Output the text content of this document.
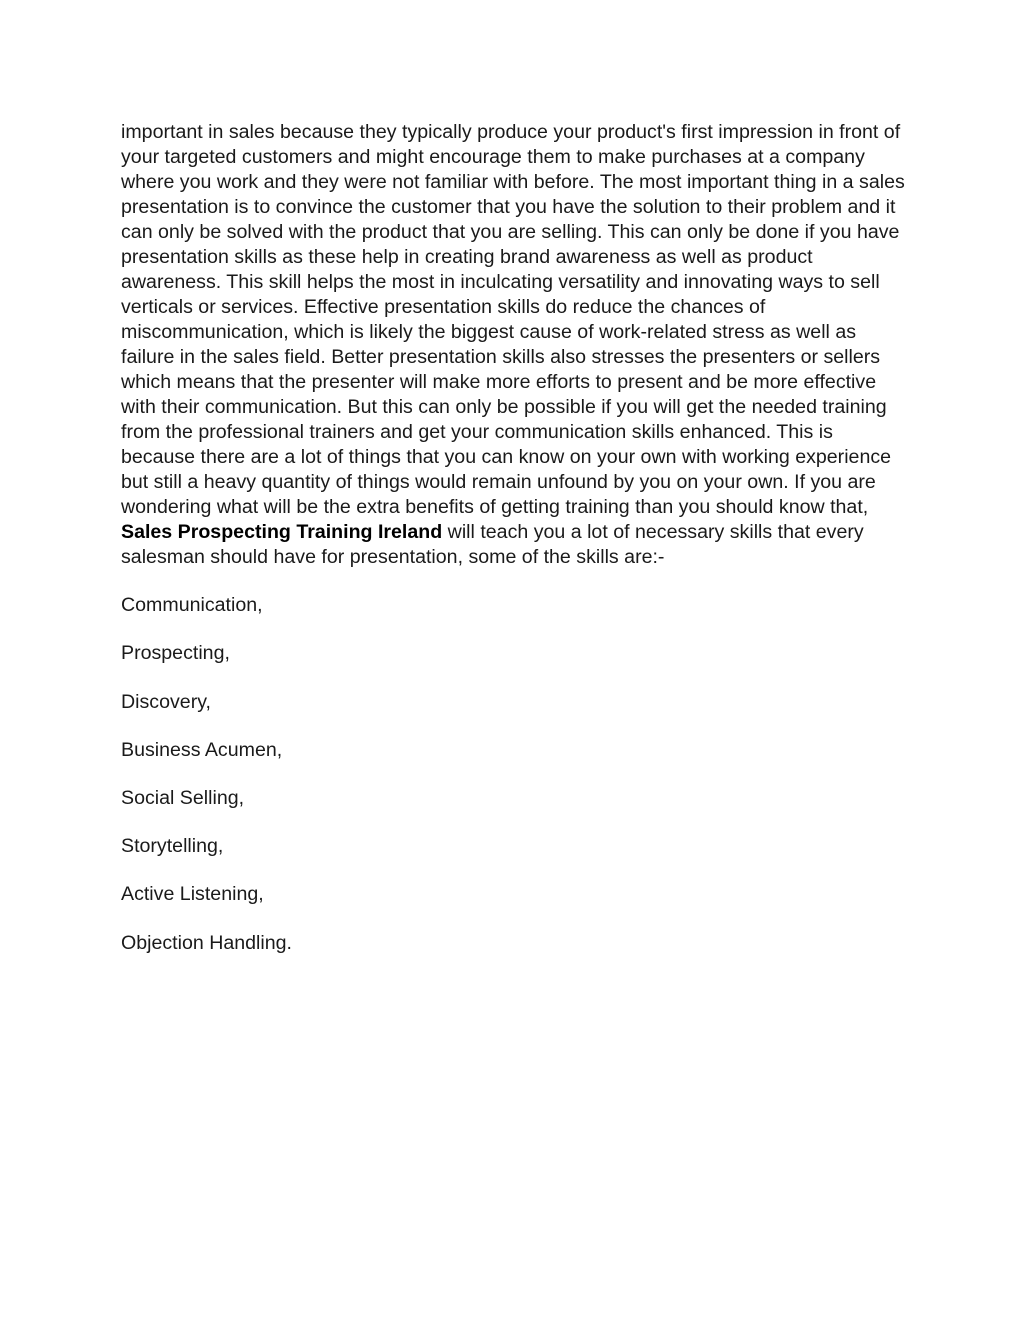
important in sales because they typically produce your product's first impression in front of your targeted customers and might encourage them to make purchases at a company where you work and they were not familiar with before. The most important thing in a sales presentation is to convince the customer that you have the solution to their problem and it can only be solved with the product that you are selling. This can only be done if you have presentation skills as these help in creating brand awareness as well as product awareness. This skill helps the most in inculcating versatility and innovating ways to sell verticals or services. Effective presentation skills do reduce the chances of miscommunication, which is likely the biggest cause of work-related stress as well as failure in the sales field. Better presentation skills also stresses the presenters or sellers which means that the presenter will make more efforts to present and be more effective with their communication. But this can only be possible if you will get the needed training from the professional trainers and get your communication skills enhanced. This is because there are a lot of things that you can know on your own with working experience but still a heavy quantity of things would remain unfound by you on your own. If you are wondering what will be the extra benefits of getting training than you should know that, Sales Prospecting Training Ireland will teach you a lot of necessary skills that every salesman should have for presentation, some of the skills are:-

Communication,
Prospecting,
Discovery,
Business Acumen,
Social Selling,
Storytelling,
Active Listening,
Objection Handling.
